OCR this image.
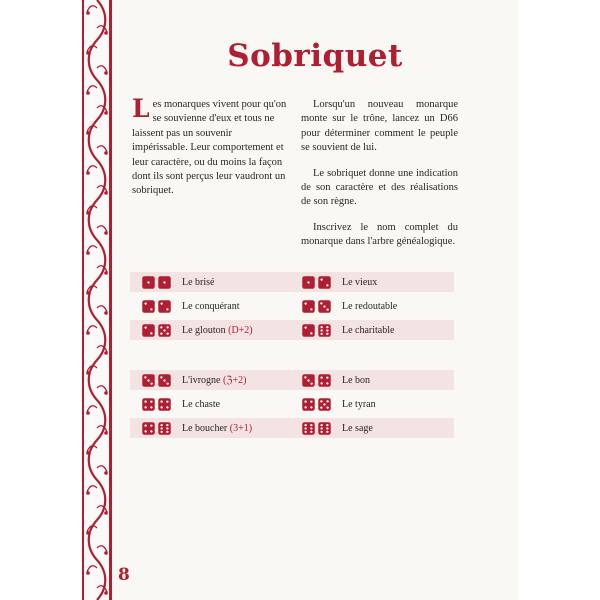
Sobriquet

Les monarques vivent pour qu'on se souvienne d'eux et tous ne laissent pas un souvenir impérissable. Leur comportement et leur caractère, ou du moins la façon dont ils sont perçus leur vaudront un sobriquet.

Lorsqu'un nouveau monarque monte sur le trône, lancez un D66 pour déterminer comment le peuple se souvient de lui.

Le sobriquet donne une indication de son caractère et des réalisations de son règne.

Inscrivez le nom complet du monarque dans l'arbre généalogique.

Le brisé	Le vieux
Le conquérant	Le redoutable
Le glouton (D+2)	Le charitable
L'ivrogne (ℨ+2)	Le bon
Le chaste	Le tyran
Le boucher (3+1)	Le sage
8
